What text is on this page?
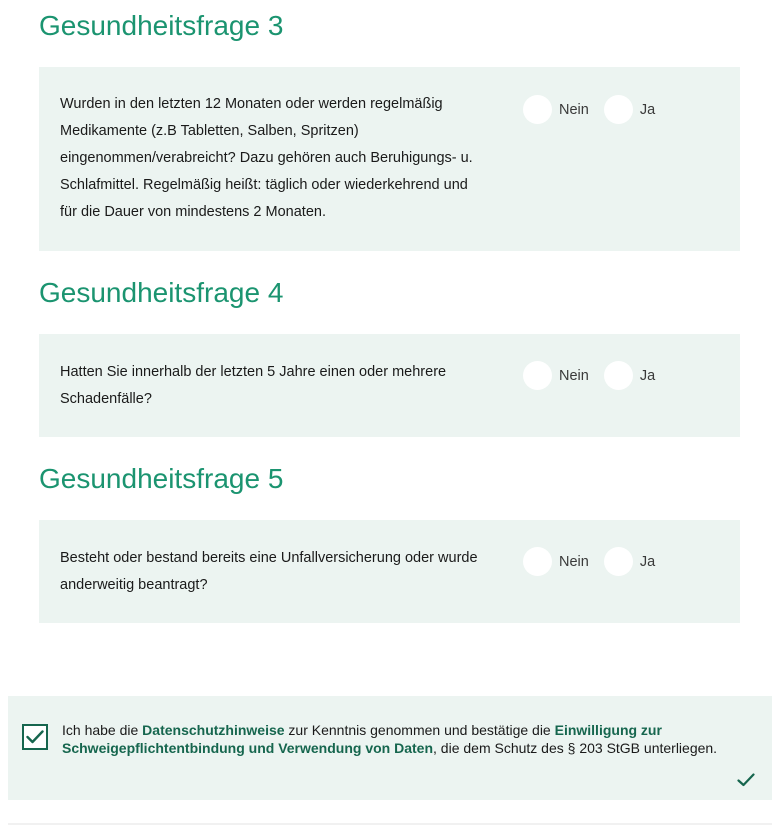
Gesundheitsfrage 3

Wurden in den letzten 12 Monaten oder werden regelmäßig Medikamente (z.B Tabletten, Salben, Spritzen) eingenommen/verabreicht? Dazu gehören auch Beruhigungs- u. Schlafmittel. Regelmäßig heißt: täglich oder wiederkehrend und für die Dauer von mindestens 2 Monaten.

Nein	Ja
Gesundheitsfrage 4

Hatten Sie innerhalb der letzten 5 Jahre einen oder mehrere Schadenfälle?

Nein	Ja
Gesundheitsfrage 5

Besteht oder bestand bereits eine Unfallversicherung oder wurde anderweitig beantragt?

Nein	Ja

Ich habe die Datenschutzhinweise zur Kenntnis genommen und bestätige die Einwilligung zur Schweigepflichtentbindung und Verwendung von Daten, die dem Schutz des § 203 StGB unterliegen.
